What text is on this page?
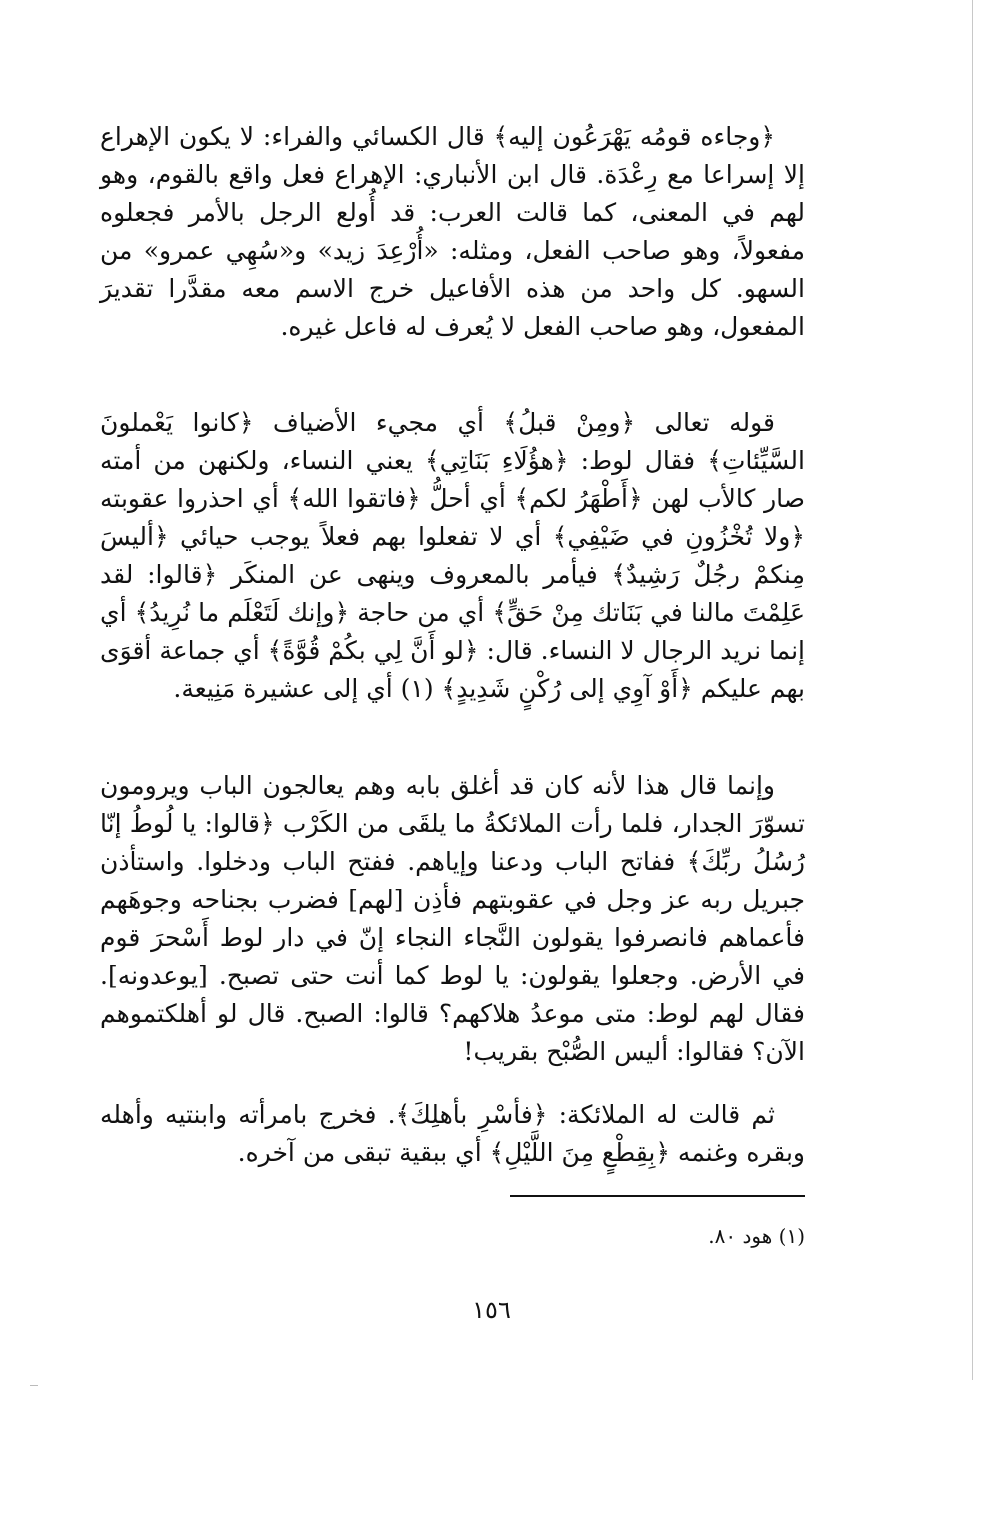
﴿وجاءه قومُه يَهْرَعُون إليه﴾ قال الكسائي والفراء: لا يكون الإهراع إلا إسراعا مع رِعْدَة. قال ابن الأنباري: الإهراع فعل واقع بالقوم، وهو لهم في المعنى، كما قالت العرب: قد أُولع الرجل بالأمر فجعلوه مفعولاً، وهو صاحب الفعل، ومثله: «أُرْعِدَ زيد» و«سُهِي عمرو» من السهو. كل واحد من هذه الأفاعيل خرج الاسم معه مقدَّرا تقديرَ المفعول، وهو صاحب الفعل لا يُعرف له فاعل غيره.

قوله تعالى ﴿ومِنْ قبلُ﴾ أي مجيء الأضياف ﴿كانوا يَعْملونَ السَّيِّئاتِ﴾ فقال لوط: ﴿هؤُلَاءِ بَنَاتِي﴾ يعني النساء، ولكنهن من أمته صار كالأب لهن ﴿أَطْهَرُ لكم﴾ أي أحلُّ ﴿فاتقوا الله﴾ أي احذروا عقوبته ﴿ولا تُخْزُونِ في ضَيْفِي﴾ أي لا تفعلوا بهم فعلاً يوجب حيائي ﴿أليسَ مِنكمْ رجُلٌ رَشِيدٌ﴾ فيأمر بالمعروف وينهى عن المنكَر ﴿قالوا: لقد عَلِمْتَ مالنا في بَنَاتك مِنْ حَقٍّ﴾ أي من حاجة ﴿وإنك لَتَعْلَم ما نُرِيدُ﴾ أي إنما نريد الرجال لا النساء. قال: ﴿لو أَنَّ لِي بكُمْ قُوَّةً﴾ أي جماعة أقوَى بهم عليكم ﴿أَوْ آوِي إلى رُكْنٍ شَدِيدٍ﴾ (١) أي إلى عشيرة مَنِيعة.

وإنما قال هذا لأنه كان قد أغلق بابه وهم يعالجون الباب ويرومون تسوّرَ الجدار، فلما رأت الملائكةُ ما يلقَى من الكَرْب ﴿قالوا: يا لُوطُ إنّا رُسُلُ ربِّكَ﴾ ففاتح الباب ودعنا وإياهم. ففتح الباب ودخلوا. واستأذن جبريل ربه عز وجل في عقوبتهم فأذِن [لهم] فضرب بجناحه وجوهَهم فأعماهم فانصرفوا يقولون النَّجاء النجاء إنّ في دار لوط أَسْحرَ قوم في الأرض. وجعلوا يقولون: يا لوط كما أنت حتى تصبح. [يوعدونه]. فقال لهم لوط: متى موعدُ هلاكهم؟ قالوا: الصبح. قال لو أهلكتموهم الآن؟ فقالوا: أليس الصُّبْح بقريب!

ثم قالت له الملائكة: ﴿فأسْرِ بأهلِكَ﴾. فخرج بامرأته وابنتيه وأهله وبقره وغنمه ﴿بِقِطْعٍ مِنَ اللَّيْلِ﴾ أي ببقية تبقى من آخره.

(١) هود ٨٠.
١٥٦
